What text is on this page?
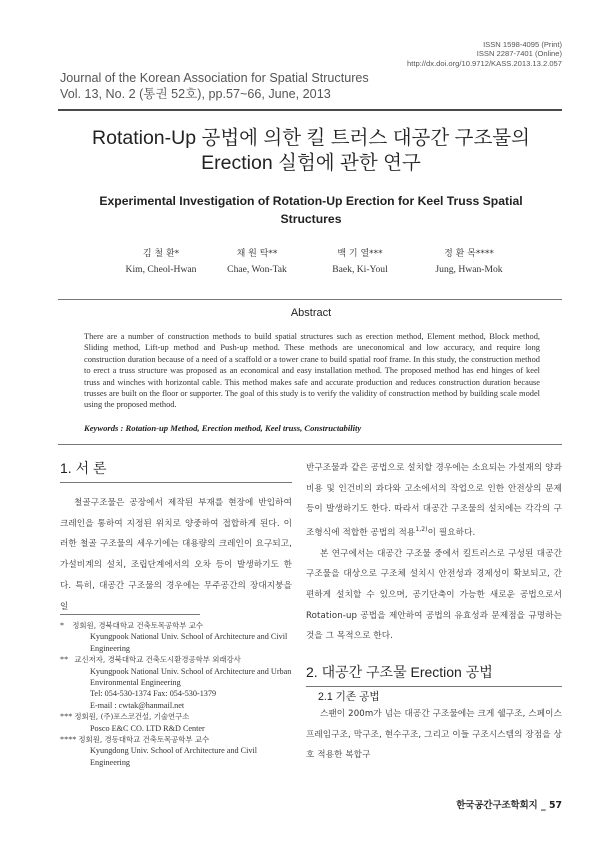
ISSN 1598-4095 (Print)
ISSN 2287-7401 (Online)
http://dx.doi.org/10.9712/KASS.2013.13.2.057
Journal of the Korean Association for Spatial Structures
Vol. 13, No. 2 (통권 52호), pp.57~66, June, 2013
Rotation-Up 공법에 의한 킬 트러스 대공간 구조물의
Erection 실험에 관한 연구
Experimental Investigation of Rotation-Up Erection for Keel Truss Spatial
Structures
김 철 환*
Kim, Cheol-Hwan
채 원 탁**
Chae, Won-Tak
백 기 열***
Baek, Ki-Youl
정 환 목****
Jung, Hwan-Mok
Abstract
There are a number of construction methods to build spatial structures such as erection method, Element method, Block method, Sliding method, Lift-up method and Push-up method. These methods are uneconomical and low accuracy, and require long construction duration because of a need of a scaffold or a tower crane to build spatial roof frame. In this study, the construction method to erect a truss structure was proposed as an economical and easy installation method. The proposed method has end hinges of keel truss and winches with horizontal cable. This method makes safe and accurate production and reduces construction duration because trusses are built on the floor or supporter. The goal of this study is to verify the validity of construction method by building scale model using the proposed method.
Keywords : Rotation-up Method, Erection method, Keel truss, Constructability
1. 서 론
철골구조물은 공장에서 제작된 부재를 현장에 반입하여 크레인을 통하여 지정된 위치로 양중하여 접합하게 된다. 이러한 철골 구조물의 세우기에는 대용량의 크레인이 요구되고, 가설비계의 설치, 조립단계에서의 오차 등이 발생하기도 한다. 특히, 대공간 구조물의 경우에는 무주공간의 장대지붕을 일
반구조물과 같은 공법으로 설치할 경우에는 소요되는 가설재의 양과 비용 및 인건비의 과다와 고소에서의 작업으로 인한 안전상의 문제 등이 발생하기도 한다. 따라서 대공간 구조물의 설치에는 각각의 구조형식에 적합한 공법의 적용$^{1,2)}$이 필요하다.
본 연구에서는 대공간 구조물 중에서 킬트러스로 구성된 대공간 구조물을 대상으로 구조체 설치시 안전성과 경제성이 확보되고, 간편하게 설치할 수 있으며, 공기단축이 가능한 새로운 공법으로서 Rotation-up 공법을 제안하여 공법의 유효성과 문제점을 규명하는 것을 그 목적으로 한다.
* 정회원, 경북대학교 건축토목공학부 교수
Kyungpook National Univ. School of Architecture and Civil Engineering
** 교신저자, 경북대학교 건축도시환경공학부 외래강사
Kyungpook National Univ. School of Architecture and Urban Environmental Engineering
Tel: 054-530-1374 Fax: 054-530-1379
E-mail : cwtak@hanmail.net
*** 정회원, (주)포스코건설, 기술연구소
Posco E&C CO. LTD R&D Center
**** 정회원, 경동대학교 건축토목공학부 교수
Kyungdong Univ. School of Architecture and Civil Engineering
2. 대공간 구조물 Erection 공법
2.1 기존 공법
스팬이 200m가 넘는 대공간 구조물에는 크게 쉘구조, 스페이스 프레임구조, 막구조, 현수구조, 그리고 이들 구조시스템의 장점을 상호 적용한 복합구
한국공간구조학회지 _ 57
